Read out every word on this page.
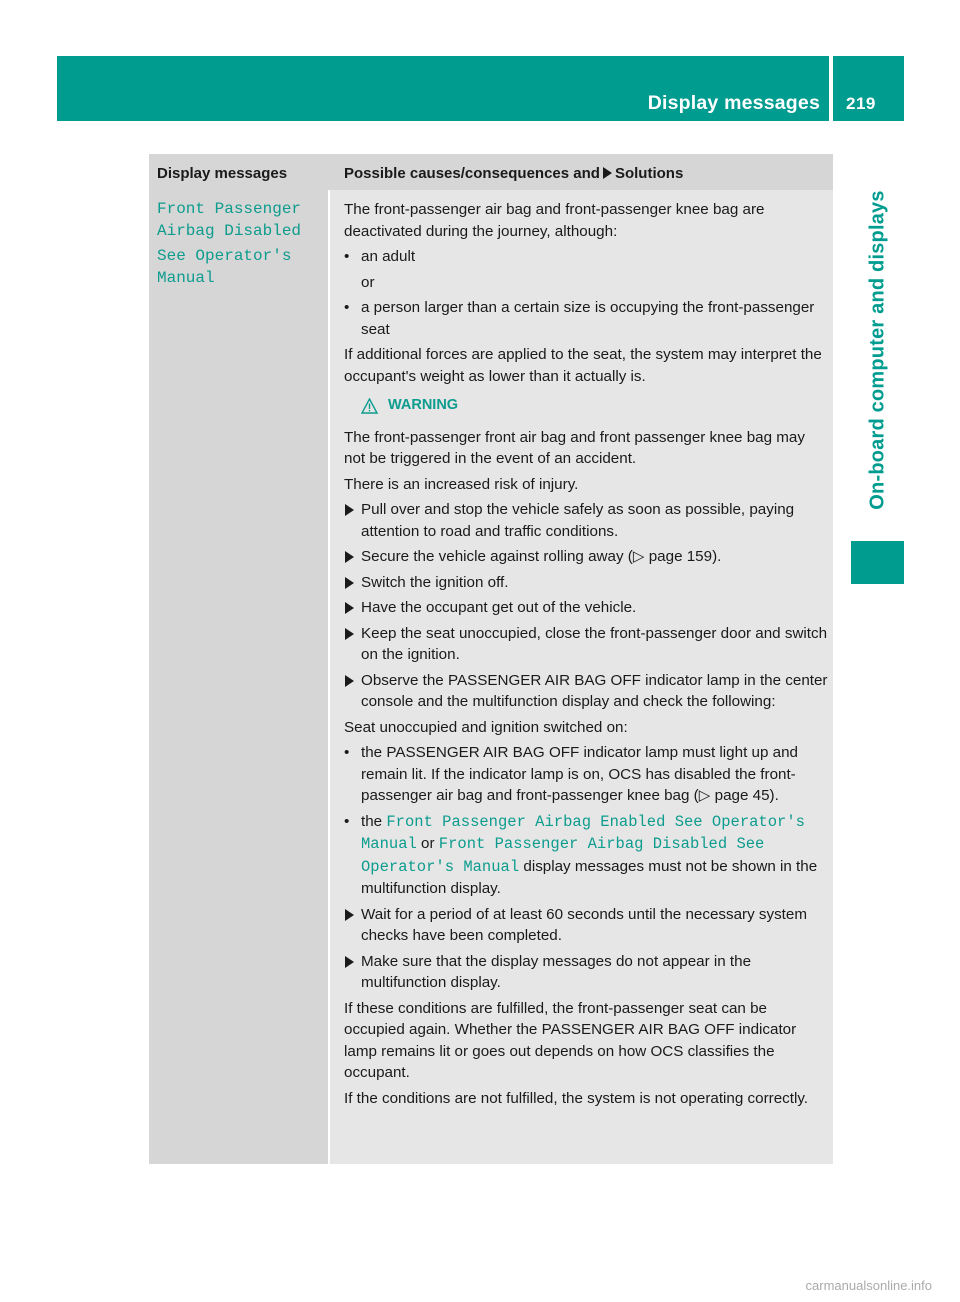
Display messages 219
On-board computer and displays
Display messages	Possible causes/consequences and Solutions

Front Passenger
Airbag Disabled

See Operator's
Manual

The front-passenger air bag and front-passenger knee bag are deactivated during the journey, although:

• an adult
or
• a person larger than a certain size is occupying the front-passenger seat

If additional forces are applied to the seat, the system may interpret the occupant's weight as lower than it actually is.

WARNING

The front-passenger front air bag and front passenger knee bag may not be triggered in the event of an accident.

There is an increased risk of injury.

Pull over and stop the vehicle safely as soon as possible, paying attention to road and traffic conditions.
Secure the vehicle against rolling away (▷ page 159).
Switch the ignition off.
Have the occupant get out of the vehicle.
Keep the seat unoccupied, close the front-passenger door and switch on the ignition.
Observe the PASSENGER AIR BAG OFF indicator lamp in the center console and the multifunction display and check the following:

Seat unoccupied and ignition switched on:

• the PASSENGER AIR BAG OFF indicator lamp must light up and remain lit. If the indicator lamp is on, OCS has disabled the front-passenger air bag and front-passenger knee bag (▷ page 45).
• the Front Passenger Airbag Enabled See Operator's Manual or Front Passenger Airbag Disabled See Operator's Manual display messages must not be shown in the multifunction display.
Wait for a period of at least 60 seconds until the necessary system checks have been completed.
Make sure that the display messages do not appear in the multifunction display.

If these conditions are fulfilled, the front-passenger seat can be occupied again. Whether the PASSENGER AIR BAG OFF indicator lamp remains lit or goes out depends on how OCS classifies the occupant.

If the conditions are not fulfilled, the system is not operating correctly.

carmanualsonline.info
